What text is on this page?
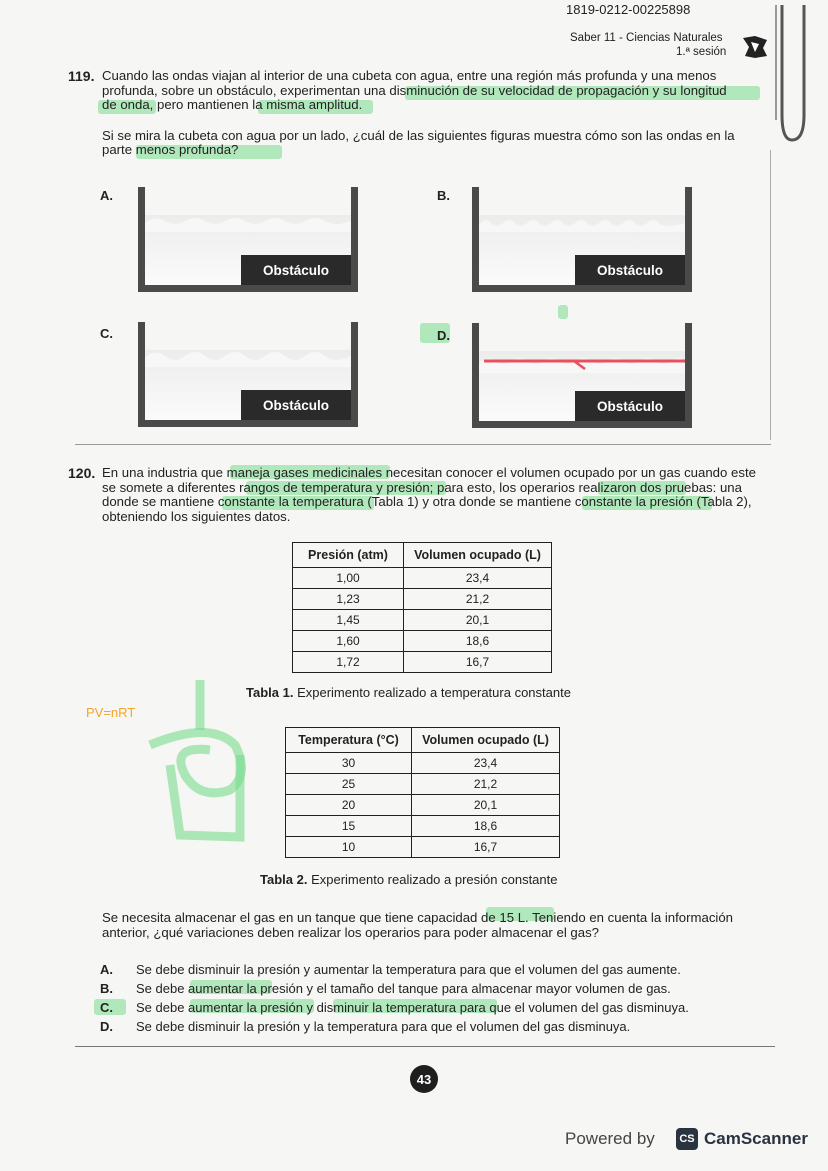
1819-0212-00225898
Saber 11 - Ciencias Naturales
1.ª sesión
119. Cuando las ondas viajan al interior de una cubeta con agua, entre una región más profunda y una menos
profunda, sobre un obstáculo, experimentan una disminución de su velocidad de propagación y su longitud
de onda, pero mantienen la misma amplitud.
Si se mira la cubeta con agua por un lado, ¿cuál de las siguientes figuras muestra cómo son las ondas en la
parte menos profunda?
A.
Obstáculo
B.
Obstáculo
C.
Obstáculo
D.
Obstáculo
120. En una industria que maneja gases medicinales necesitan conocer el volumen ocupado por un gas cuando este
se somete a diferentes rangos de temperatura y presión; para esto, los operarios realizaron dos pruebas: una
donde se mantiene constante la temperatura (Tabla 1) y otra donde se mantiene constante la presión (Tabla 2),
obteniendo los siguientes datos.
Presión (atm)	Volumen ocupado (L)
1,00	23,4
1,23	21,2
1,45	20,1
1,60	18,6
1,72	16,7
Tabla 1. Experimento realizado a temperatura constante
PV=nRT
Temperatura (°C)	Volumen ocupado (L)
30	23,4
25	21,2
20	20,1
15	18,6
10	16,7
Tabla 2. Experimento realizado a presión constante
Se necesita almacenar el gas en un tanque que tiene capacidad de 15 L. Teniendo en cuenta la información
anterior, ¿qué variaciones deben realizar los operarios para poder almacenar el gas?
A. Se debe disminuir la presión y aumentar la temperatura para que el volumen del gas aumente.
B. Se debe aumentar la presión y el tamaño del tanque para almacenar mayor volumen de gas.
C. Se debe aumentar la presión y disminuir la temperatura para que el volumen del gas disminuya.
D. Se debe disminuir la presión y la temperatura para que el volumen del gas disminuya.
43
Powered by	CS CamScanner
